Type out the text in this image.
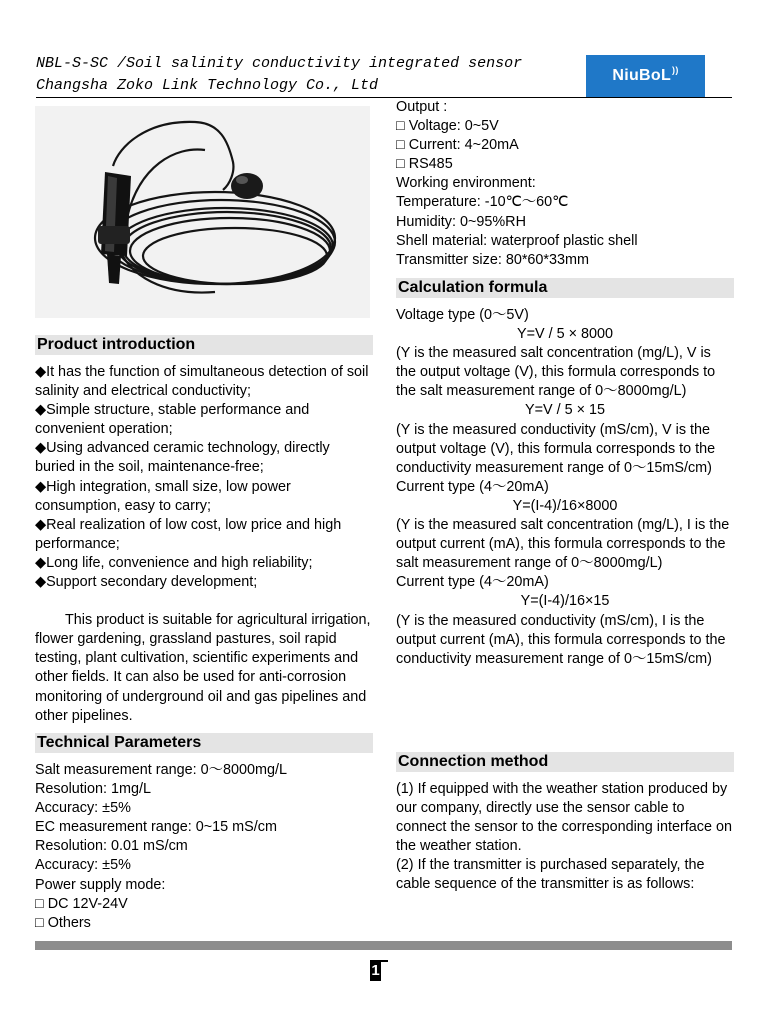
NBL-S-SC /Soil salinity conductivity integrated sensor
Changsha Zoko Link Technology Co., Ltd
NiuBoL ))

Output :

□ Voltage: 0~5V

□ Current: 4~20mA

□ RS485

Working environment:

Temperature: -10℃～60℃

Humidity: 0~95%RH

Shell material: waterproof plastic shell

Transmitter size: 80*60*33mm

Calculation formula

Voltage type (0～5V)

Y=V / 5 × 8000

(Y is the measured salt concentration (mg/L), V is the output voltage (V), this formula corresponds to the salt measurement range of 0～8000mg/L)

Y=V / 5 × 15

(Y is the measured conductivity (mS/cm), V is the output voltage (V), this formula corresponds to the conductivity measurement range of 0～15mS/cm)

Current type (4～20mA)

Y=(I-4)/16×8000

(Y is the measured salt concentration (mg/L), I is the output current (mA), this formula corresponds to the salt measurement range of 0～8000mg/L)

Current type (4～20mA)

Y=(I-4)/16×15

(Y is the measured conductivity (mS/cm), I is the output current (mA), this formula corresponds to the conductivity measurement range of 0～15mS/cm)

Connection method

(1) If equipped with the weather station produced by our company, directly use the sensor cable to connect the sensor to the corresponding interface on the weather station.

(2) If the transmitter is purchased separately, the cable sequence of the transmitter is as follows:

Product introduction

◆It has the function of simultaneous detection of soil salinity and electrical conductivity;

◆Simple structure, stable performance and convenient operation;

◆Using advanced ceramic technology, directly buried in the soil, maintenance-free;

◆High integration, small size, low power consumption, easy to carry;

◆Real realization of low cost, low price and high performance;

◆Long life, convenience and high reliability;

◆Support secondary development;

This product is suitable for agricultural irrigation, flower gardening, grassland pastures, soil rapid testing, plant cultivation, scientific experiments and other fields. It can also be used for anti-corrosion monitoring of underground oil and gas pipelines and other pipelines.

Technical Parameters

Salt measurement range: 0～8000mg/L

Resolution: 1mg/L

Accuracy: ±5%

EC measurement range: 0~15 mS/cm

Resolution: 0.01 mS/cm

Accuracy: ±5%

Power supply mode:

□ DC 12V-24V

□ Others

1
